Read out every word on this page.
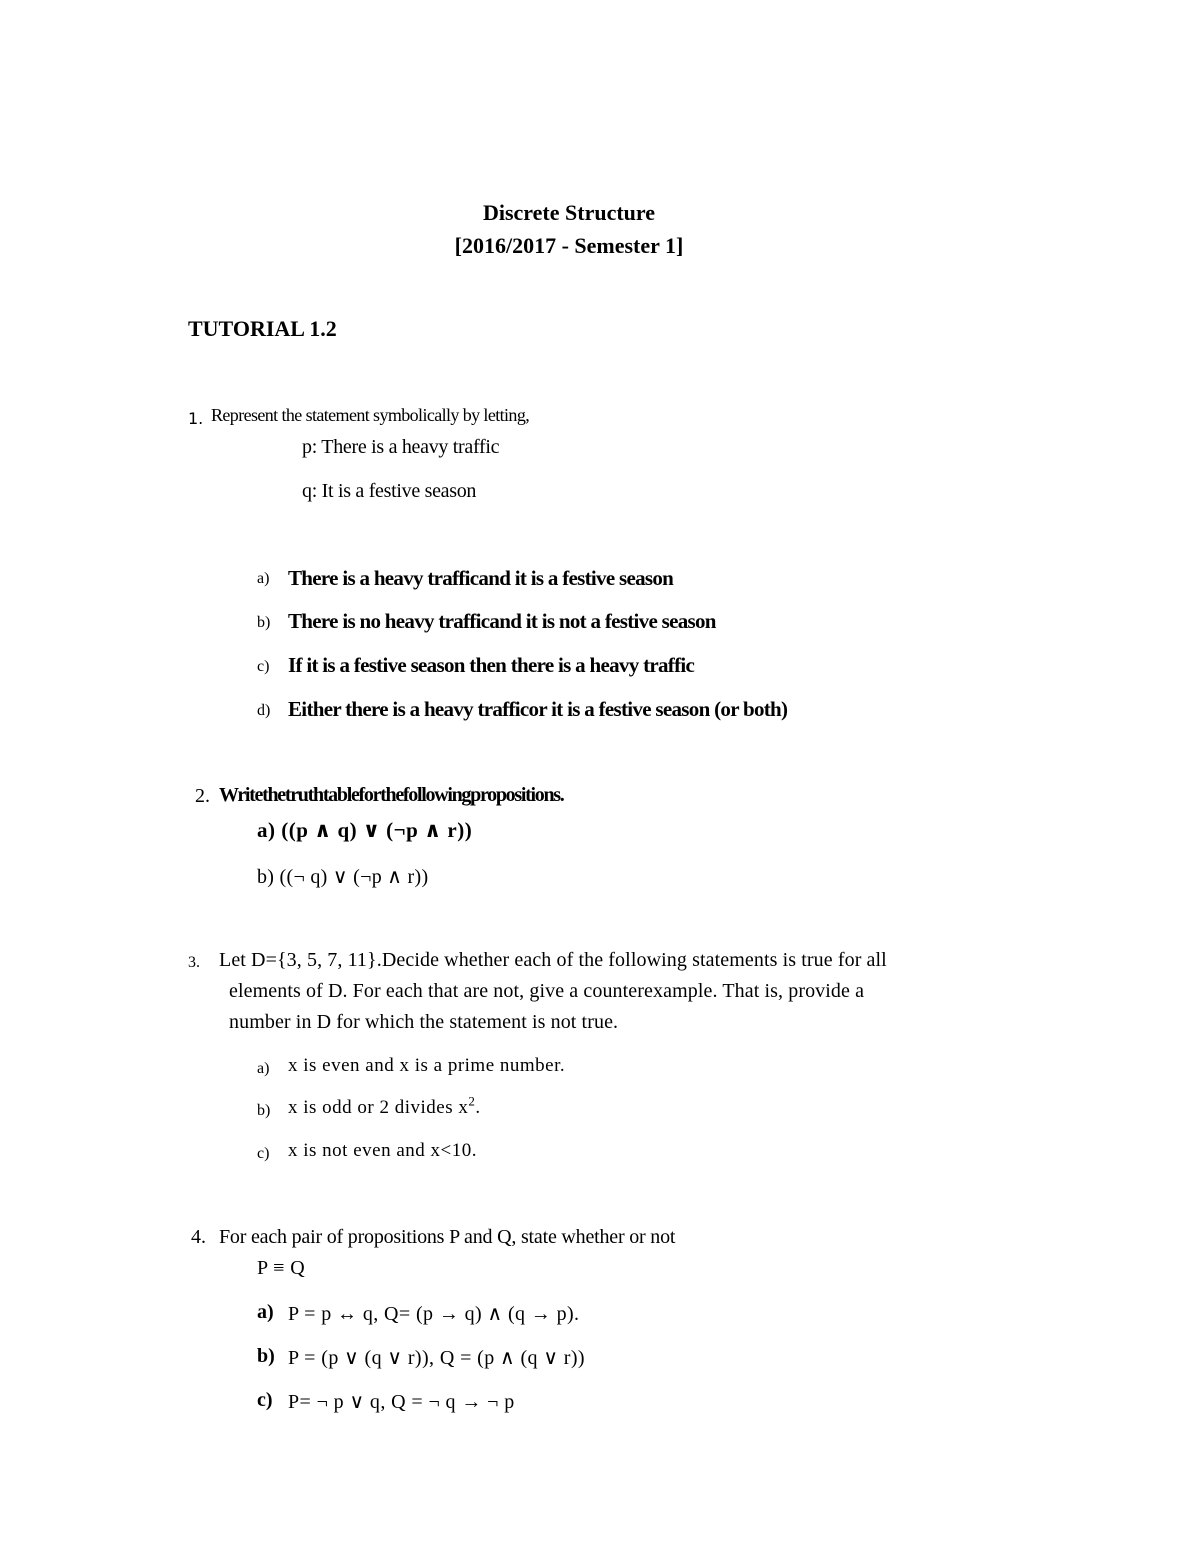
Discrete Structure
[2016/2017 - Semester 1]
TUTORIAL 1.2
1. Represent the statement symbolically by letting,
p: There is a heavy traffic
q: It is a festive season
a) There is a heavy trafficand it is a festive season
b) There is no heavy trafficand it is not a festive season
c) If it is a festive season then there is a heavy traffic
d) Either there is a heavy trafficor it is a festive season (or both)
2. Writethetruthtableforthefollowingpropositions.
a) ((p ∧ q) ∨ (¬p ∧ r))
b) ((¬ q) ∨ (¬p ∧ r))
3. Let D={3, 5, 7, 11}.Decide whether each of the following statements is true for all
elements of D. For each that are not, give a counterexample. That is, provide a
number in D for which the statement is not true.
a) x is even and x is a prime number.
b) x is odd or 2 divides $x^2$.
c) x is not even and x<10.
4. For each pair of propositions P and Q, state whether or not
P ≡ Q
a) P = p ↔ q, Q= (p → q) ∧ (q → p).
b) P = (p ∨ (q ∨ r)), Q = (p ∧ (q ∨ r))
c) P= ¬ p ∨ q, Q = ¬ q → ¬ p
